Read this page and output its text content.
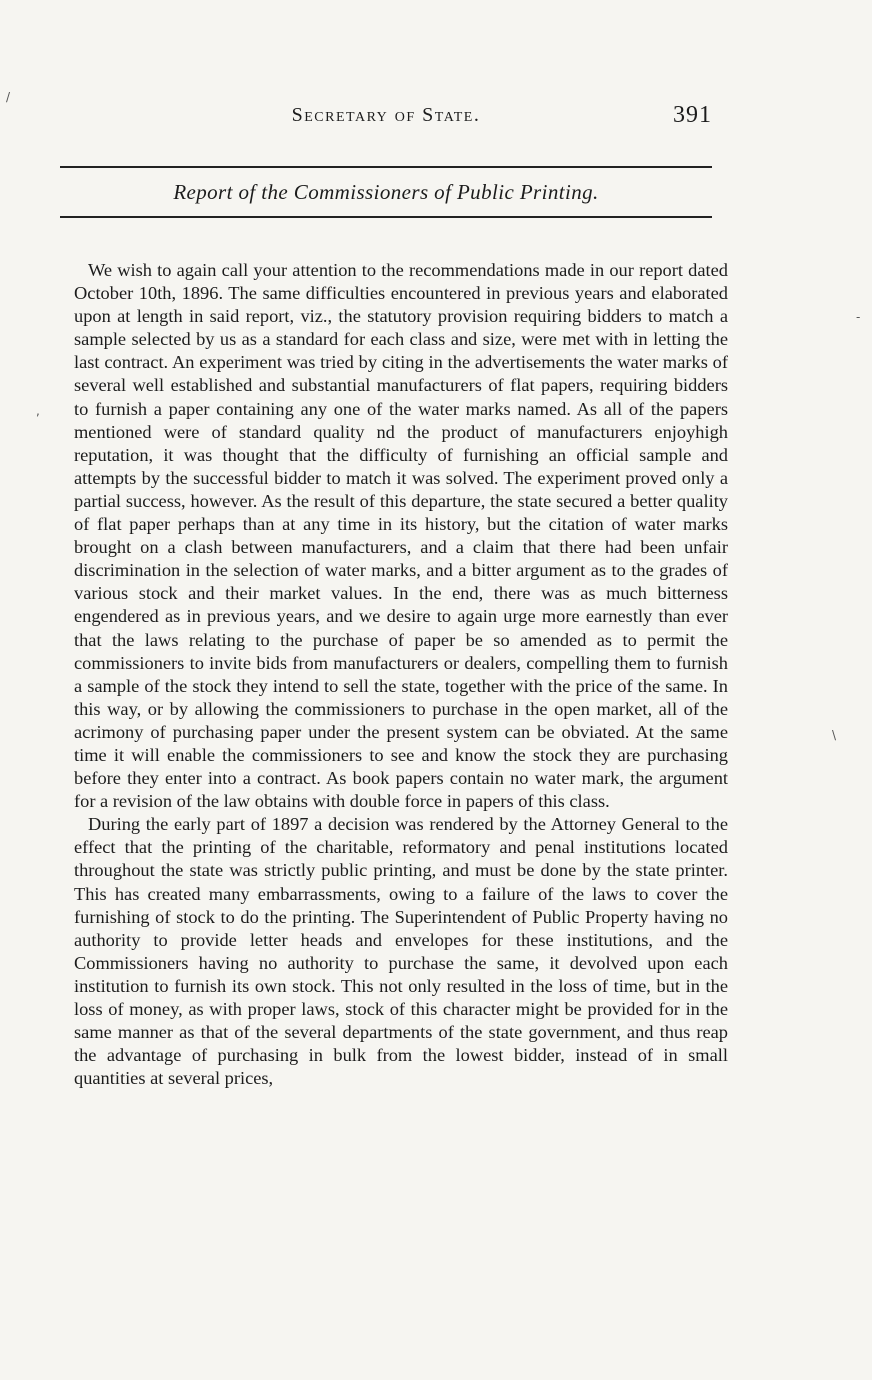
/
,
-
\
Secretary of State.	391
Report of the Commissioners of Public Printing.

We wish to again call your attention to the recommendations made in our report dated October 10th, 1896. The same difficulties encountered in previous years and elaborated upon at length in said report, viz., the statutory provision requiring bidders to match a sample selected by us as a standard for each class and size, were met with in letting the last contract. An experiment was tried by citing in the advertisements the water marks of several well established and substantial manufacturers of flat papers, requiring bidders to furnish a paper containing any one of the water marks named. As all of the papers mentioned were of standard quality nd the product of manufacturers enjoyhigh reputation, it was thought that the difficulty of furnishing an official sample and attempts by the successful bidder to match it was solved. The experiment proved only a partial success, however. As the result of this departure, the state secured a better quality of flat paper perhaps than at any time in its history, but the citation of water marks brought on a clash between manufacturers, and a claim that there had been unfair discrimination in the selection of water marks, and a bitter argument as to the grades of various stock and their market values. In the end, there was as much bitterness engendered as in previous years, and we desire to again urge more earnestly than ever that the laws relating to the purchase of paper be so amended as to permit the commissioners to invite bids from manufacturers or dealers, compelling them to furnish a sample of the stock they intend to sell the state, together with the price of the same. In this way, or by allowing the commissioners to purchase in the open market, all of the acrimony of purchasing paper under the present system can be obviated. At the same time it will enable the commissioners to see and know the stock they are purchasing before they enter into a contract. As book papers contain no water mark, the argument for a revision of the law obtains with double force in papers of this class.

During the early part of 1897 a decision was rendered by the Attorney General to the effect that the printing of the charitable, reformatory and penal institutions located throughout the state was strictly public printing, and must be done by the state printer. This has created many embarrassments, owing to a failure of the laws to cover the furnishing of stock to do the printing. The Superintendent of Public Property having no authority to provide letter heads and envelopes for these institutions, and the Commissioners having no authority to purchase the same, it devolved upon each institution to furnish its own stock. This not only resulted in the loss of time, but in the loss of money, as with proper laws, stock of this character might be provided for in the same manner as that of the several departments of the state government, and thus reap the advantage of purchasing in bulk from the lowest bidder, instead of in small quantities at several prices,
